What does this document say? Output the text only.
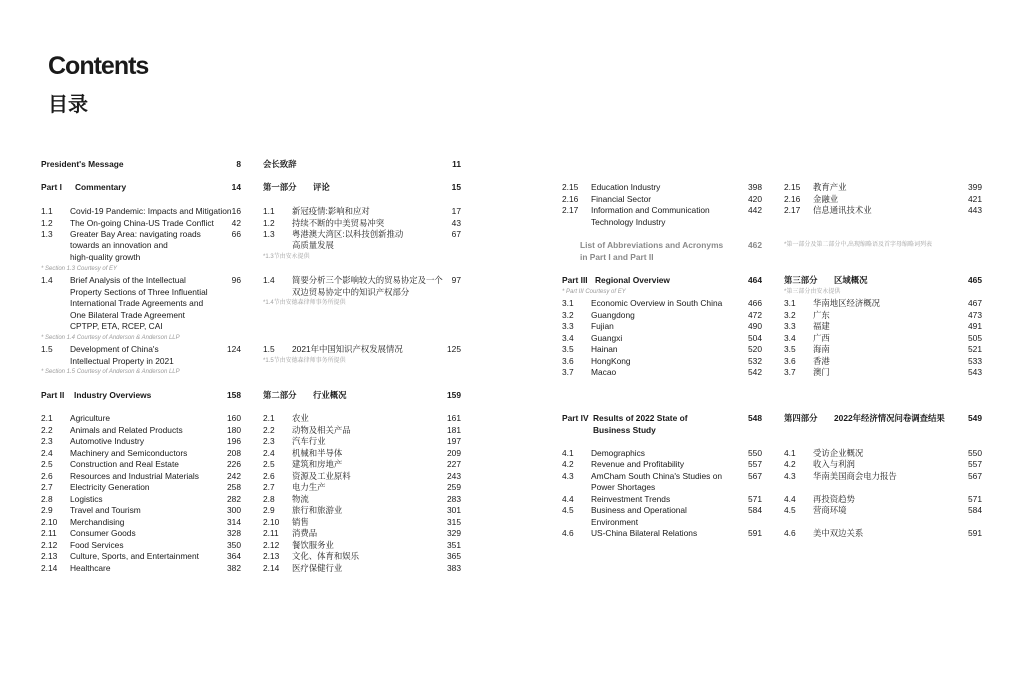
Contents
目录
President's Message	8
Part I Commentary	14
1.1 Covid-19 Pandemic: Impacts and Mitigation 16
1.2 The On-going China-US Trade Conflict 42
1.3 Greater Bay Area: navigating roads	66
towards an innovation and
high-quality growth
* Section 1.3 Courtesy of EY
1.4 Brief Analysis of the Intellectual	96
Property Sections of Three Influential
International Trade Agreements and
One Bilateral Trade Agreement
CPTPP, ETA, RCEP, CAI
* Section 1.4 Courtesy of Anderson & Anderson LLP
1.5 Development of China's	124
Intellectual Property in 2021
* Section 1.5 Courtesy of Anderson & Anderson LLP
Part II Industry Overviews	158
2.1 Agriculture	160
2.2 Animals and Related Products	180
2.3 Automotive Industry	196
2.4 Machinery and Semiconductors	208
2.5 Construction and Real Estate	226
2.6 Resources and Industrial Materials	242
2.7 Electricity Generation	258
2.8 Logistics	282
2.9 Travel and Tourism	300
2.10 Merchandising	314
2.11 Consumer Goods	328
2.12 Food Services	350
2.13 Culture, Sports, and Entertainment	364
2.14 Healthcare	382
会长致辞	11
第一部分 评论	15
1.1 新冠疫情:影响和应对	17
1.2 持续不断的中美贸易冲突	43
1.3 粤港澳大湾区:以科技创新推动	67
高质量发展
*1.3节由安永提供
1.4 简要分析三个影响较大的贸易协定及一个 97
双边贸易协定中的知识产权部分
*1.4节由安德森律师事务所提供
1.5 2021年中国知识产权发展情况	125
*1.5节由安德森律师事务所提供
第二部分 行业概况	159
2.1 农业	161
2.2 动物及相关产品	181
2.3 汽车行业	197
2.4 机械和半导体	209
2.5 建筑和房地产	227
2.6 资源及工业原料	243
2.7 电力生产	259
2.8 物流	283
2.9 旅行和旅游业	301
2.10 销售	315
2.11 消费品	329
2.12 餐饮服务业	351
2.13 文化、体育和娱乐	365
2.14 医疗保健行业	383
2.15 Education Industry	398
2.16 Financial Sector	420
2.17 Information and Communication	442
Technology Industry
List of Abbreviations and Acronyms	462
in Part I and Part II
Part III Regional Overview	464
* Part III Courtesy of EY
3.1 Economic Overview in South China	466
3.2 Guangdong	472
3.3 Fujian	490
3.4 Guangxi	504
3.5 Hainan	520
3.6 HongKong	532
3.7 Macao	542
Part IV Results of 2022 State of	548
Business Study
4.1 Demographics	550
4.2 Revenue and Profitability	557
4.3 AmCham South China's Studies on	567
Power Shortages
4.4 Reinvestment Trends	571
4.5 Business and Operational	584
Environment
4.6 US-China Bilateral Relations	591
2.15 教育产业	399
2.16 金融业	421
2.17 信息通讯技术业	443
*第一部分及第二部分中,出现缩略语及首字母缩略词列表
第三部分 区域概况	465
*第三部分由安永提供
3.1 华南地区经济概况	467
3.2 广东	473
3.3 福建	491
3.4 广西	505
3.5 海南	521
3.6 香港	533
3.7 澳门	543
第四部分 2022年经济情况问卷调查结果	549
4.1 受访企业概况	550
4.2 收入与利润	557
4.3 华南美国商会电力报告	567
4.4 再投资趋势	571
4.5 营商环境	584
4.6 美中双边关系	591
